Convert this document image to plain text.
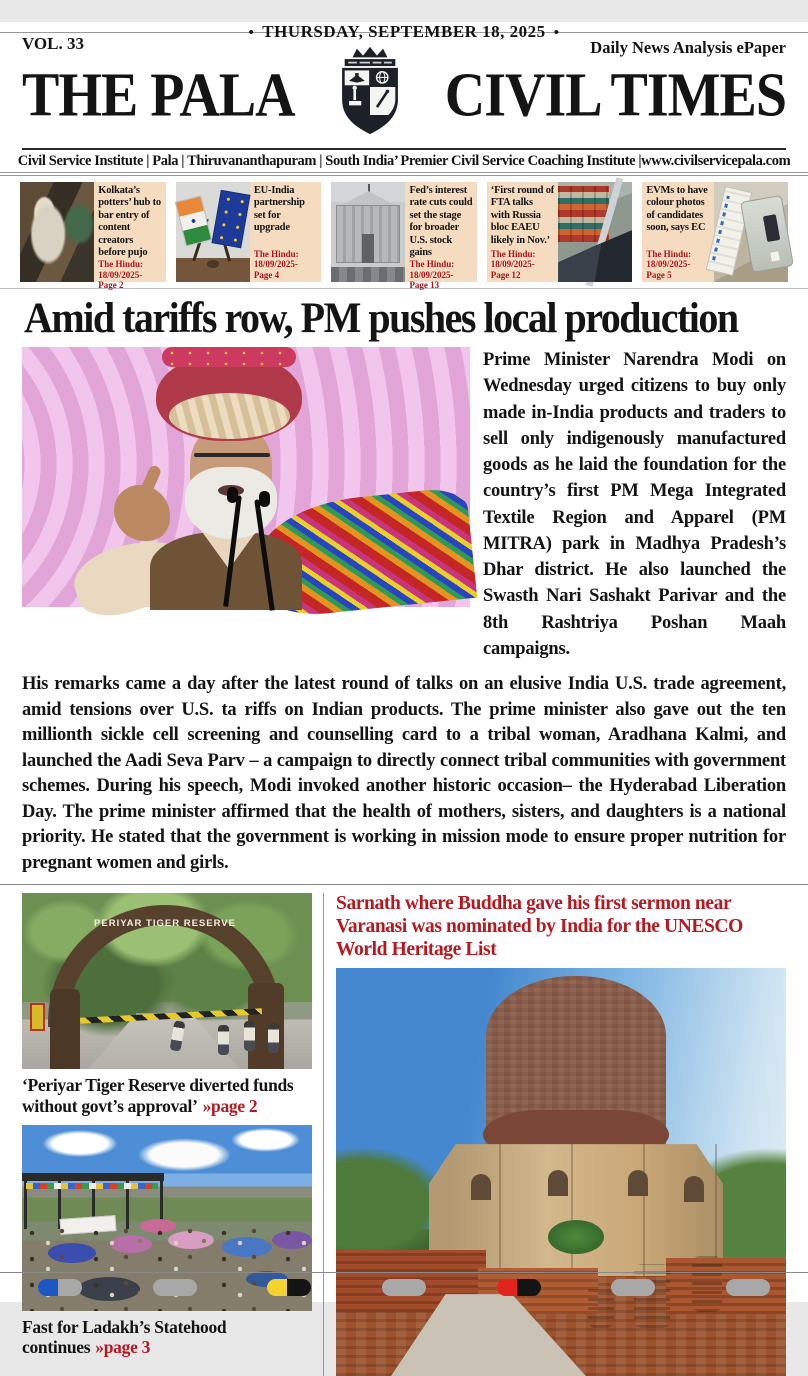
• THURSDAY, SEPTEMBER 18, 2025 •
VOL. 33	Daily News Analysis ePaper
THE PALA	CIVIL TIMES
Civil Service Institute | Pala | Thiruvananthapuram | South India’ Premier Civil Service Coaching Institute |www.civilservicepala.com
Kolkata’s potters’ hub to bar entry of content creators before pujo
The Hindu:
18/09/2025- Page 2
EU-India partnership set for upgrade
The Hindu:
18/09/2025- Page 4
Fed’s interest rate cuts could set the stage for broader U.S. stock gains
The Hindu:
18/09/2025- Page 13
‘First round of FTA talks with Russia bloc EAEU likely in Nov.’
The Hindu:
18/09/2025- Page 12
EVMs to have colour photos of candidates soon, says EC
The Hindu:
18/09/2025- Page 5
Amid tariffs row, PM pushes local production
Prime Minister Narendra Modi on Wednesday urged citizens to buy only made in-India products and traders to sell only indigenously manufactured goods as he laid the foundation for the country’s first PM Mega Integrated Textile Region and Apparel (PM MITRA) park in Madhya Pradesh’s Dhar district. He also launched the Swasth Nari Sashakt Parivar and the 8th Rashtriya Poshan Maah campaigns.
His remarks came a day after the latest round of talks on an elusive India U.S. trade agreement, amid tensions over U.S. ta riffs on Indian products. The prime minister also gave out the ten millionth sickle cell screening and counselling card to a tribal woman, Aradhana Kalmi, and launched the Aadi Seva Parv – a campaign to directly connect tribal communities with government schemes. During his speech, Modi invoked another historic occasion– the Hyderabad Liberation Day. The prime minister affirmed that the health of mothers, sisters, and daughters is a national priority. He stated that the government is working in mission mode to ensure proper nutrition for pregnant women and girls.
PERIYAR TIGER RESERVE
‘Periyar Tiger Reserve diverted funds without govt’s approval’ »page 2
Fast for Ladakh’s Statehood continues »page 3
Sarnath where Buddha gave his first sermon near Varanasi was nominated by India for the UNESCO World Heritage List
